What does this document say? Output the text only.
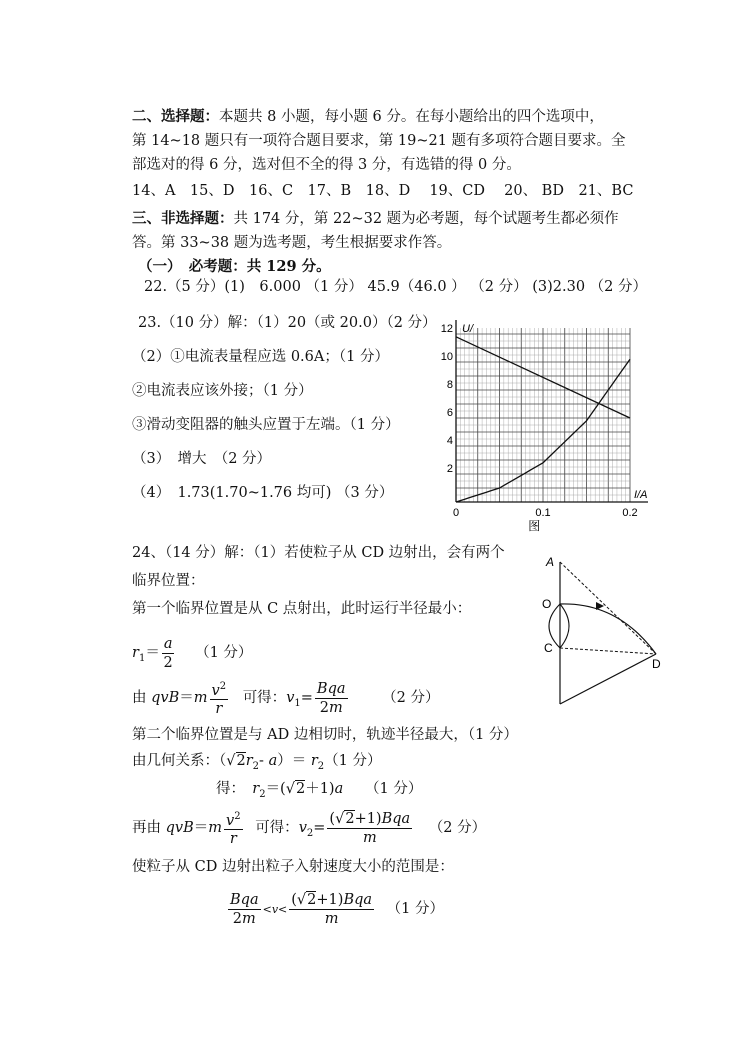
二、选择题：本题共 8 小题，每小题 6 分。在每小题给出的四个选项中，
第 14~18 题只有一项符合题目要求，第 19~21 题有多项符合题目要求。全
部选对的得 6 分，选对但不全的得 3 分，有选错的得 0 分。
14、A　15、D　16、C　17、B　18、D　 19、CD　 20、 BD　21、BC
三、非选择题：共 174 分，第 22~32 题为必考题，每个试题考生都必须作
答。第 33~38 题为选考题，考生根据要求作答。
（一）　必考题：共 129 分。
22.（5 分）(1)　6.000 （1 分） 45.9（46.0 ） （2 分） (3)2.30 （2 分）
23.（10 分）解：（1）20（或 20.0）（2 分）
（2）①电流表量程应选 0.6A；（1 分）
②电流表应该外接；（1 分）
③滑动变阻器的触头应置于左端。（1 分）
（3）　增大　（2 分）
（4）　1.73(1.70~1.76 均可) （3 分）
2
4
6
8
10
12
0	0.1	0.2
U/
I/A
图
24、（14 分）解：（1）若使粒子从 CD 边射出，会有两个
临界位置：
第一个临界位置是从 C 点射出，此时运行半径最小：
$r_1= \frac{a}{2} (1$ 分）
由 $qvB=m \frac{v^2}{r}$ 可得：$v_1= \frac{\text{Bqa}}{2m} (2$ 分）
第二个临界位置是与 AD 边相切时，轨迹半径最大，（1 分）
由几何关系：（$√2r_2-$ $a)= r_2(1$ 分）
得：　$r_2=(√2+1)a$　　（1 分）
再由 $qvB=m \frac{v^2}{r}$ 可得：$v_2= \frac{\text{(√2+1)Bqa}}{m} (2$ 分）
使粒子从 CD 边射出粒子入射速度大小的范围是：
$\frac{\text{Bqa}}{2m} <v< \frac{\text{(√2+1)Bqa}}{m} (1$ 分）
A
O
C
D
